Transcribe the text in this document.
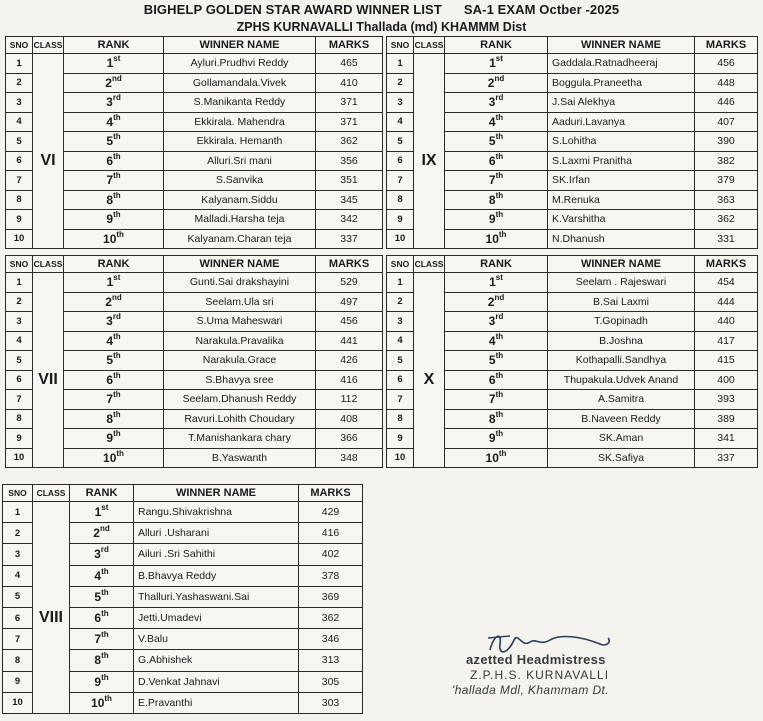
BIGHELP GOLDEN STAR AWARD WINNER LIST SA-1 EXAM Octber -2025
ZPHS KURNAVALLI Thallada (md) KHAMMM Dist
SNO	CLASS	RANK	WINNER NAME	MARKS
1		1st	Ayluri.Prudhvi Reddy	465
2		2nd	Gollamandala.Vivek	410
3		3rd	S.Manikanta Reddy	371
4		4th	Ekkirala. Mahendra	371
5		5th	Ekkirala. Hemanth	362
6	VI	6th	Alluri.Sri mani	356
7		7th	S.Sanvika	351
8		8th	Kalyanam.Siddu	345
9		9th	Malladi.Harsha teja	342
10		10th	Kalyanam.Charan teja	337
SNO	CLASS	RANK	WINNER NAME	MARKS
1		1st	Gaddala.Ratnadheeraj	456
2		2nd	Boggula.Praneetha	448
3		3rd	J.Sai Alekhya	446
4		4th	Aaduri.Lavanya	407
5		5th	S.Lohitha	390
6	IX	6th	S.Laxmi Pranitha	382
7		7th	SK.Irfan	379
8		8th	M.Renuka	363
9		9th	K.Varshitha	362
10		10th	N.Dhanush	331
SNO	CLASS	RANK	WINNER NAME	MARKS
1		1st	Gunti.Sai drakshayini	529
2		2nd	Seelam.Ula sri	497
3		3rd	S.Uma Maheswari	456
4		4th	Narakula.Pravalika	441
5		5th	Narakula.Grace	426
6	VII	6th	S.Bhavya sree	416
7		7th	Seelam.Dhanush Reddy	112
8		8th	Ravuri.Lohith Choudary	408
9		9th	T.Manishankara chary	366
10		10th	B.Yaswanth	348
SNO	CLASS	RANK	WINNER NAME	MARKS
1		1st	Seelam . Rajeswari	454
2		2nd	B.Sai Laxmi	444
3		3rd	T.Gopinadh	440
4		4th	B.Joshna	417
5		5th	Kothapalli.Sandhya	415
6	X	6th	Thupakula.Udvek Anand	400
7		7th	A.Samitra	393
8		8th	B.Naveen Reddy	389
9		9th	SK.Aman	341
10		10th	SK.Safiya	337
SNO	CLASS	RANK	WINNER NAME	MARKS
1		1st	Rangu.Shivakrishna	429
2		2nd	Alluri .Usharani	416
3		3rd	Ailuri .Sri Sahithi	402
4		4th	B.Bhavya Reddy	378
5		5th	Thalluri.Yashaswani.Sai	369
6	VIII	6th	Jetti.Umadevi	362
7		7th	V.Balu	346
8		8th	G.Abhishek	313
9		9th	D.Venkat Jahnavi	305
10		10th	E.Pravanthi	303
azetted Headmistress
Z.P.H.S. KURNAVALLI
'hallada Mdl, Khammam Dt.
